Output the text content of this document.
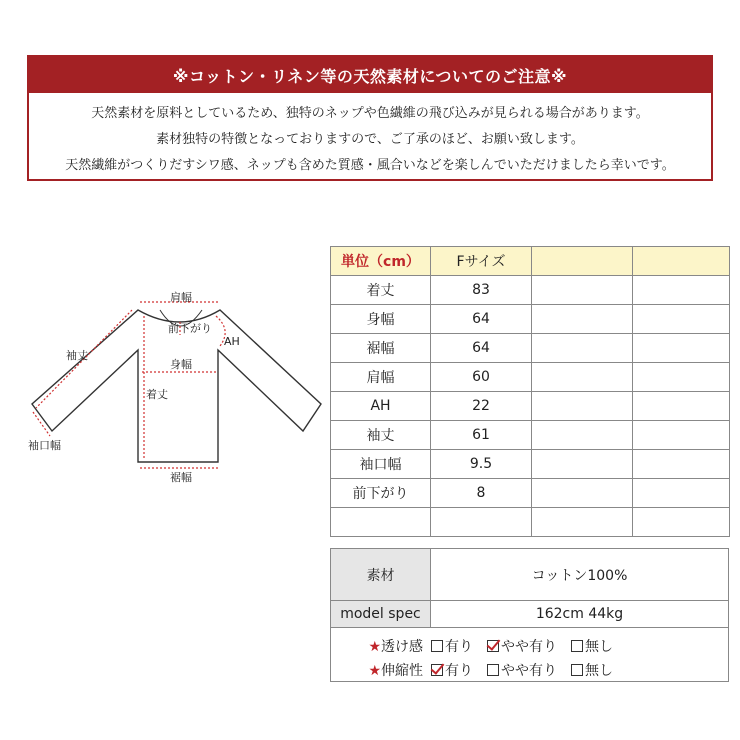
※コットン・リネン等の天然素材についてのご注意※
天然素材を原料としているため、独特のネップや色繊維の飛び込みが見られる場合があります。
素材独特の特徴となっておりますので、ご了承のほど、お願い致します。
天然繊維がつくりだすシワ感、ネップも含めた質感・風合いなどを楽しんでいただけましたら幸いです。
肩幅
前下がり
AH
身幅
袖丈
着丈
袖口幅
裾幅
単位（cm）	Fサイズ		
着丈	83		
身幅	64		
裾幅	64		
肩幅	60		
AH	22		
袖丈	61		
袖口幅	9.5		
前下がり	8		

素材	コットン100%
model spec	162cm 44kg
★透け感	有り やや有り 無し
★伸縮性	有り やや有り 無し
